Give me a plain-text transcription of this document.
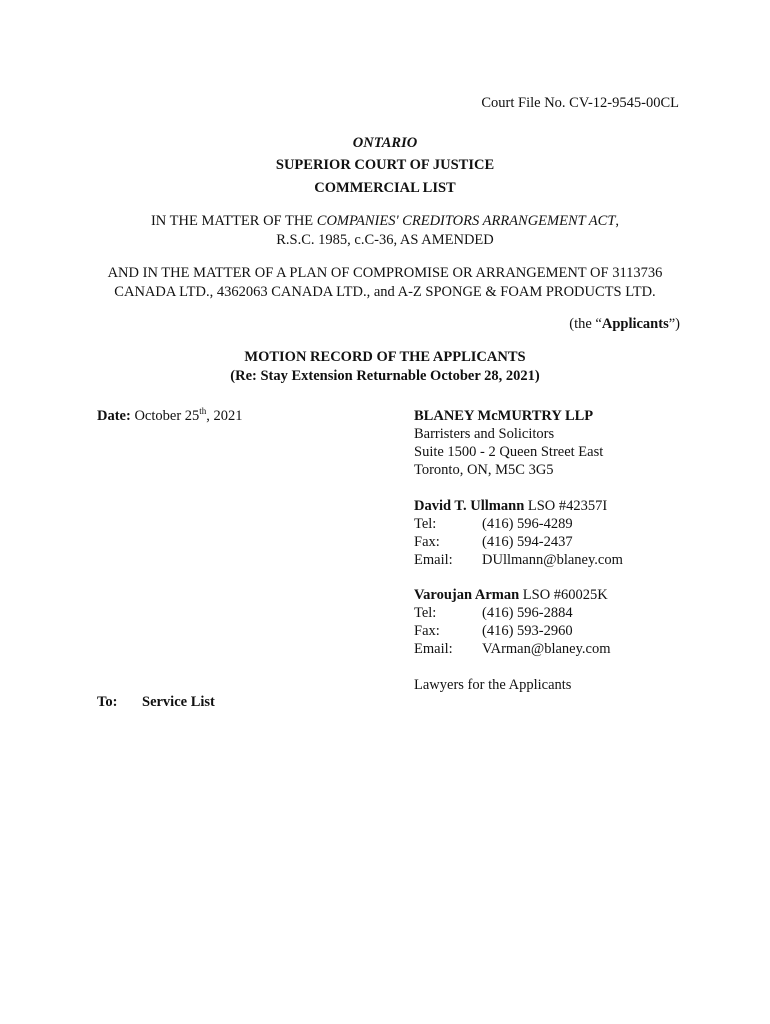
Court File No. CV-12-9545-00CL
ONTARIO
SUPERIOR COURT OF JUSTICE
COMMERCIAL LIST
IN THE MATTER OF THE COMPANIES' CREDITORS ARRANGEMENT ACT,
R.S.C. 1985, c.C-36, AS AMENDED
AND IN THE MATTER OF A PLAN OF COMPROMISE OR ARRANGEMENT OF 3113736
CANADA LTD., 4362063 CANADA LTD., and A-Z SPONGE & FOAM PRODUCTS LTD.
(the “Applicants”)
MOTION RECORD OF THE APPLICANTS
(Re: Stay Extension Returnable October 28, 2021)
Date: October 25th, 2021	BLANEY McMURTRY LLP
Barristers and Solicitors
Suite 1500 - 2 Queen Street East
Toronto, ON, M5C 3G5
David T. Ullmann LSO #42357I
Tel:	(416) 596-4289
Fax:	(416) 594-2437
Email: DUllmann@blaney.com
Varoujan Arman LSO #60025K
Tel:	(416) 596-2884
Fax:	(416) 593-2960
Email: VArman@blaney.com
Lawyers for the Applicants
To: Service List
